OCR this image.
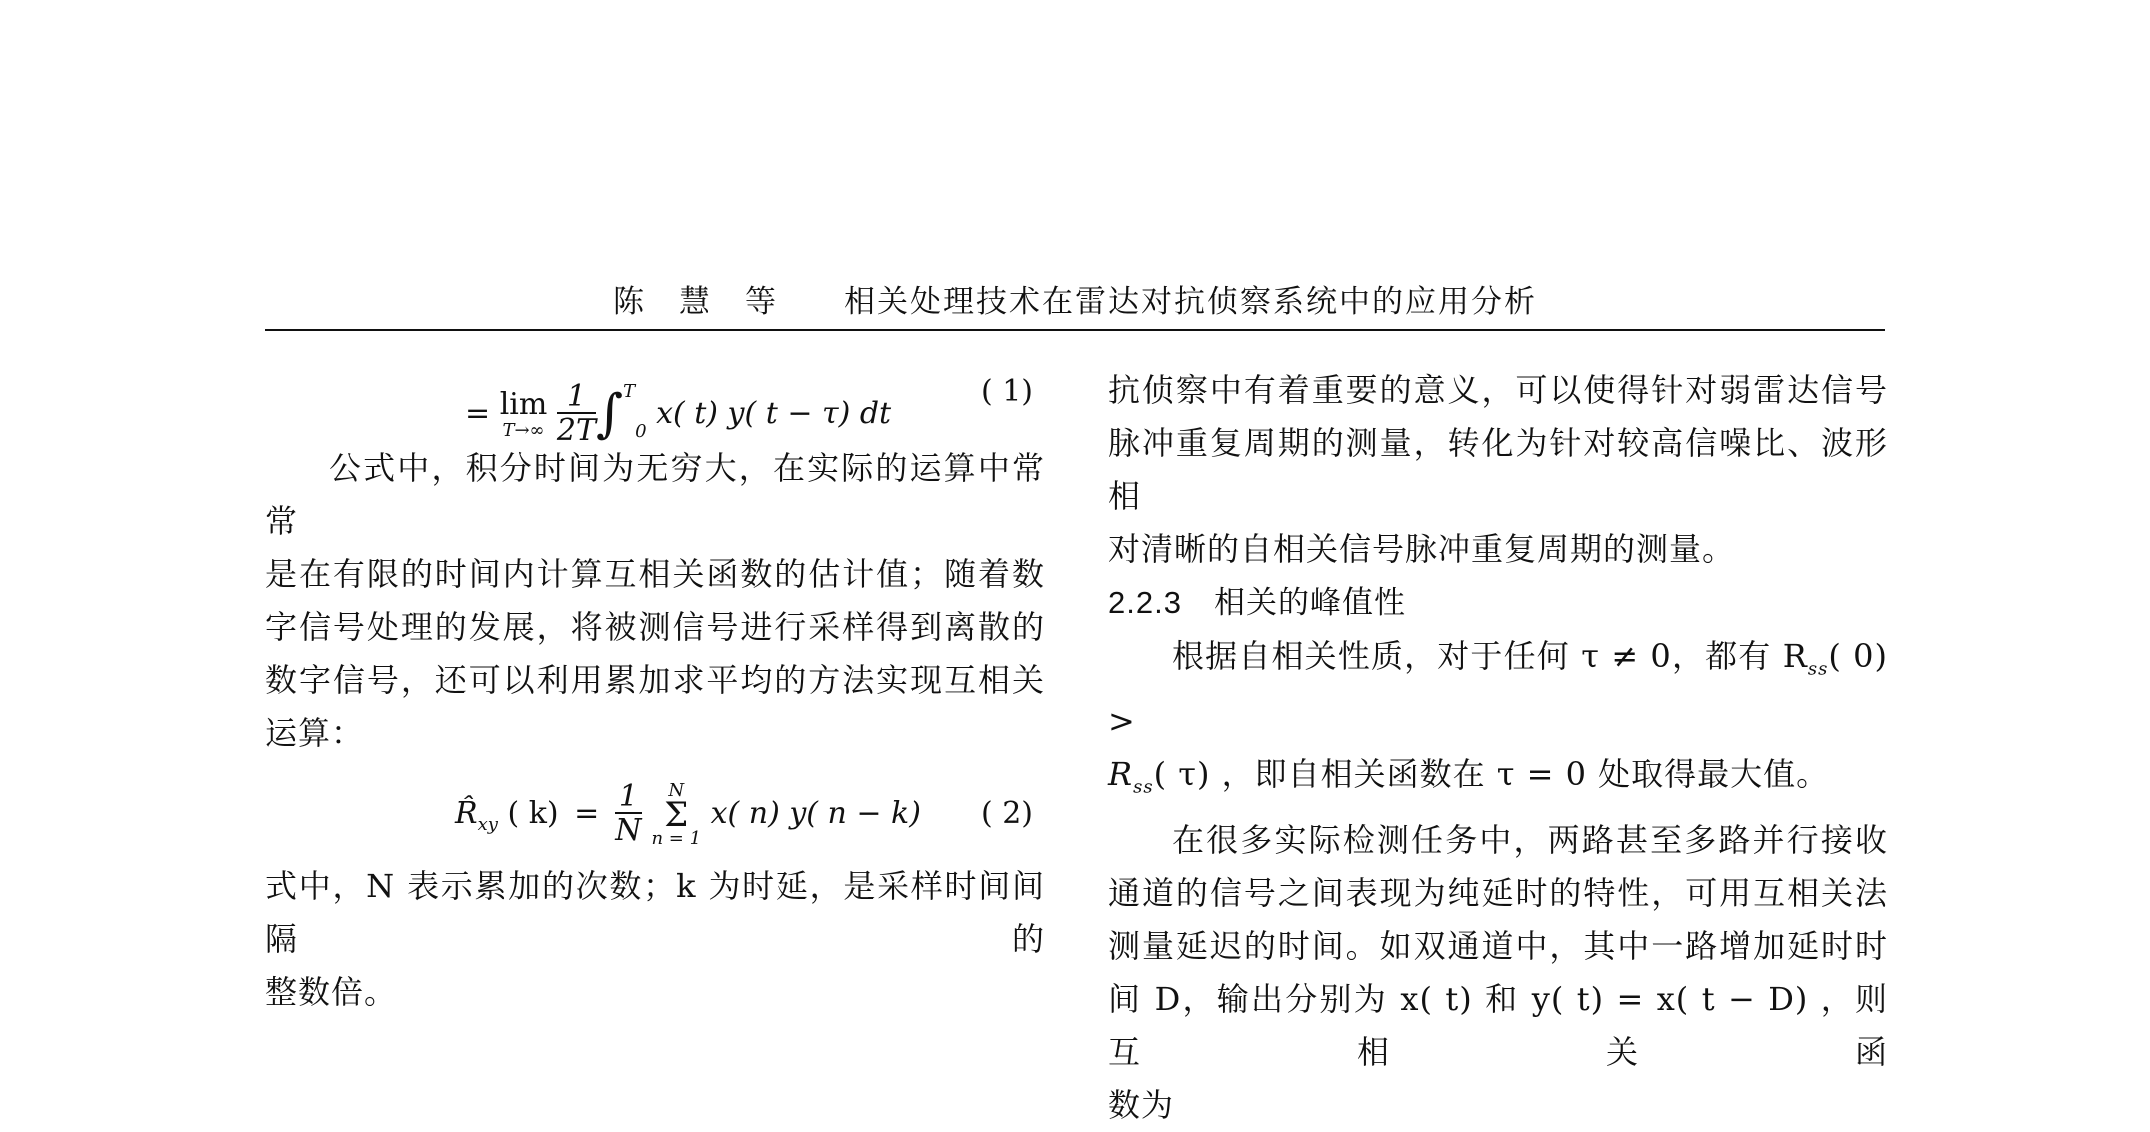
陈　慧　等　　 相关处理技术在雷达对抗侦察系统中的应用分析
= lim
T→∞
$\frac{1}{2T} \int^T_0$ x( t) y( t − τ) dt
( 1)

公式中，积分时间为无穷大，在实际的运算中常常

是在有限的时间内计算互相关函数的估计值；随着数

字信号处理的发展，将被测信号进行采样得到离散的

数字信号，还可以利用累加求平均的方法实现互相关

运算：

$R̂_{xy}$ ( $k) = \frac{1}{N}$
	N
Σ
n = 1
x( n) y( n − k) ( 2)

式中，N 表示累加的次数；k 为时延，是采样时间间隔的

整数倍。

抗侦察中有着重要的意义，可以使得针对弱雷达信号

脉冲重复周期的测量，转化为针对较高信噪比、波形相

对清晰的自相关信号脉冲重复周期的测量。

2.2.3　 相关的峰值性

根据自相关性质，对于任何 τ ≠ 0，都有 $R_{ss}$( 0) >

$R_{ss}$( τ) ，即自相关函数在 τ = 0 处取得最大值。

在很多实际检测任务中，两路甚至多路并行接收

通道的信号之间表现为纯延时的特性，可用互相关法

测量延迟的时间。如双通道中，其中一路增加延时时

间 D，输出分别为 x( t) 和 y( t) = x( t − D) ，则互相关函

数为
